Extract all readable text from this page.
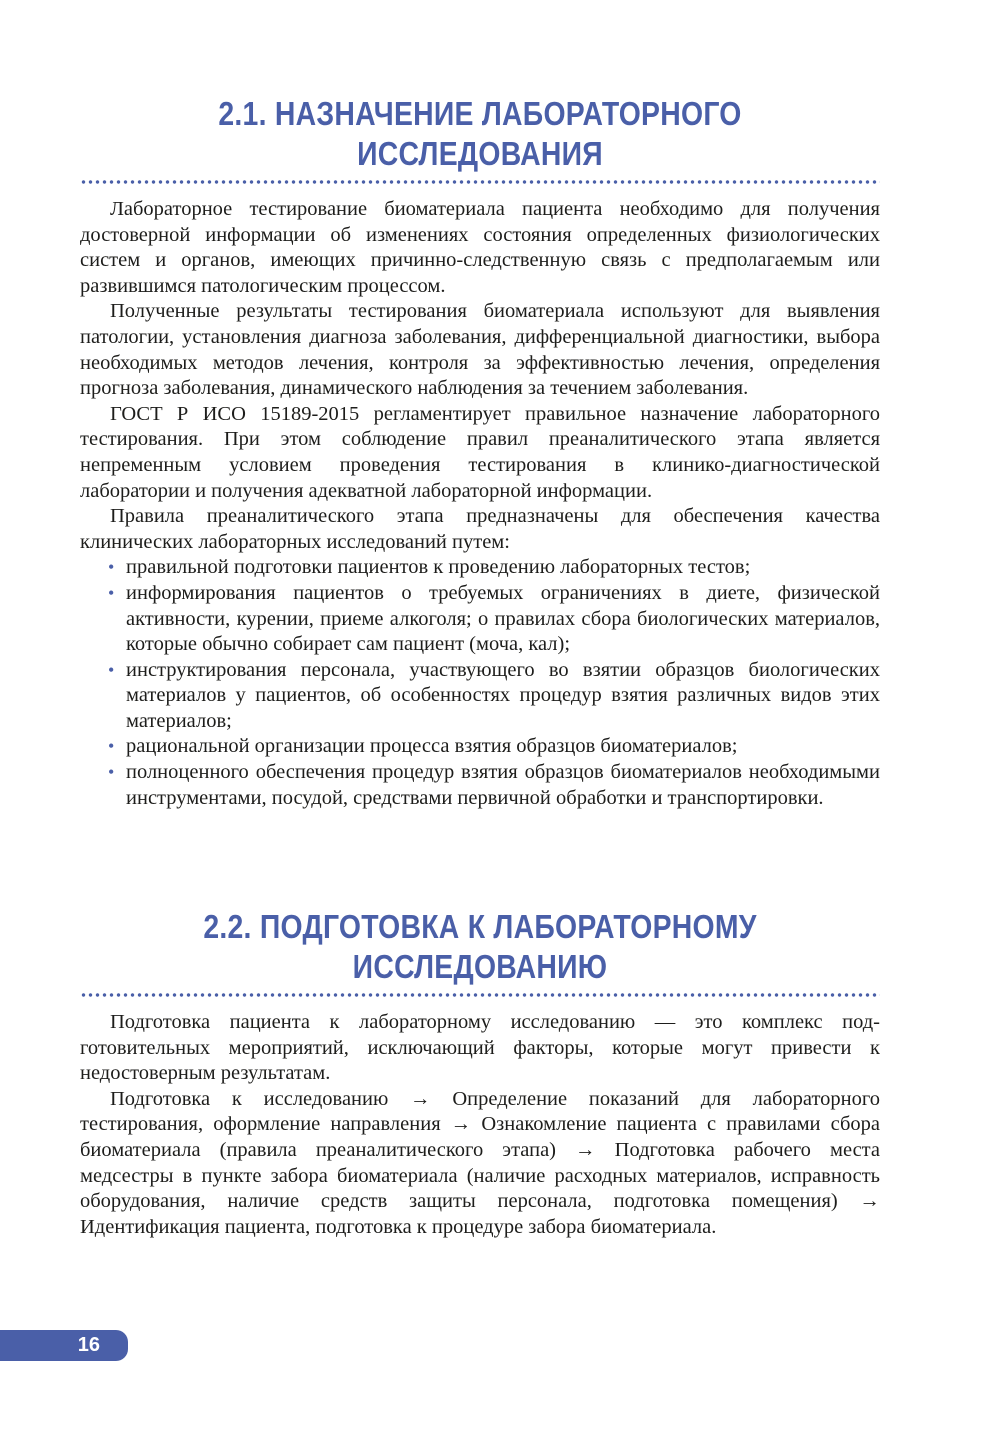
2.1. НАЗНАЧЕНИЕ ЛАБОРАТОРНОГО
ИССЛЕДОВАНИЯ

Лабораторное тестирование биоматериала пациента необходимо для получения достоверной информации об изменениях состояния определенных физиологических систем и органов, имеющих причинно-следственную связь с предполагаемым или развившимся патологическим процессом.

Полученные результаты тестирования биоматериала используют для выявления патологии, установления диагноза заболевания, дифференциальной диагностики, выбора необходимых методов лечения, контроля за эффективностью лечения, определения прогноза заболевания, динамического наблюдения за течением заболевания.

ГОСТ Р ИСО 15189-2015 регламентирует правильное назначение лабораторного тестирования. При этом соблюдение правил преаналитического этапа является непременным условием проведения тестирования в клинико-диагностической лаборатории и получения адекватной лабораторной информации.

Правила преаналитического этапа предназначены для обеспечения качества клинических лабораторных исследований путем:

• правильной подготовки пациентов к проведению лабораторных тестов;
• информирования пациентов о требуемых ограничениях в диете, физической активности, курении, приеме алкоголя; о правилах сбора биологических материалов, которые обычно собирает сам пациент (моча, кал);
• инструктирования персонала, участвующего во взятии образцов биологических материалов у пациентов, об особенностях процедур взятия различных видов этих материалов;
• рациональной организации процесса взятия образцов биоматериалов;
• полноценного обеспечения процедур взятия образцов биоматериалов необходимыми инструментами, посудой, средствами первичной обработки и транспортировки.
2.2. ПОДГОТОВКА К ЛАБОРАТОРНОМУ
ИССЛЕДОВАНИЮ

Подготовка пациента к лабораторному исследованию — это комплекс подготовительных мероприятий, исключающий факторы, которые могут привести к недостоверным результатам.

Подготовка к исследованию → Определение показаний для лабораторного тестирования, оформление направления → Ознакомление пациента с правилами сбора биоматериала (правила преаналитического этапа) → Подготовка рабочего места медсестры в пункте забора биоматериала (наличие расходных материалов, исправность оборудования, наличие средств защиты персонала, подготовка помещения) → Идентификация пациента, подготовка к процедуре забора биоматериала.

16
